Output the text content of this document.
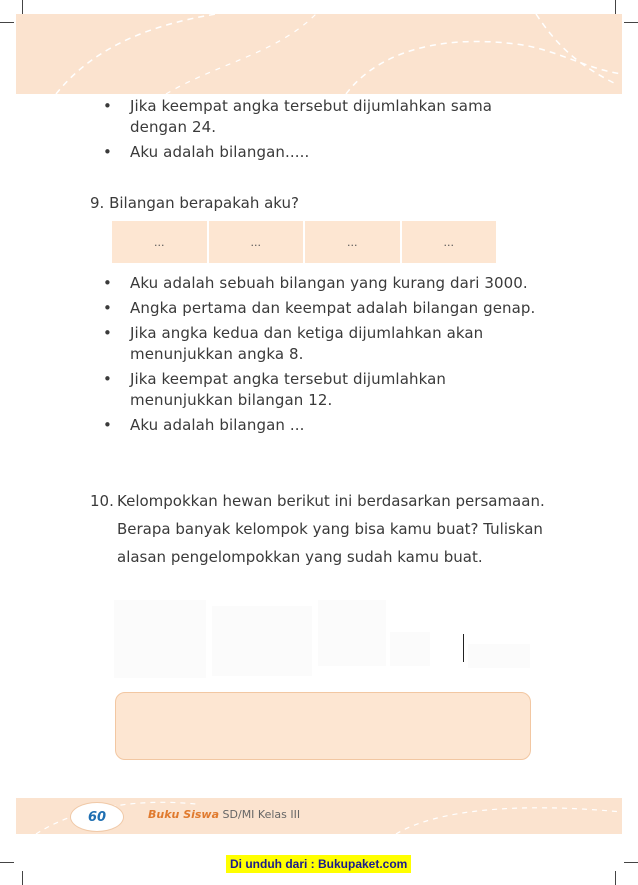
• Jika keempat angka tersebut dijumlahkan sama dengan 24.
• Aku adalah bilangan.....
9. Bilangan berapakah aku?
...	...	...	...
• Aku adalah sebuah bilangan yang kurang dari 3000.
• Angka pertama dan keempat adalah bilangan genap.
• Jika angka kedua dan ketiga dijumlahkan akan menunjukkan angka 8.
• Jika keempat angka tersebut dijumlahkan menunjukkan bilangan 12.
• Aku adalah bilangan ...
10. Kelompokkan hewan berikut ini berdasarkan persamaan. Berapa banyak kelompok yang bisa kamu buat? Tuliskan alasan pengelompokkan yang sudah kamu buat.
60	Buku Siswa SD/MI Kelas III
Di unduh dari : Bukupaket.com
